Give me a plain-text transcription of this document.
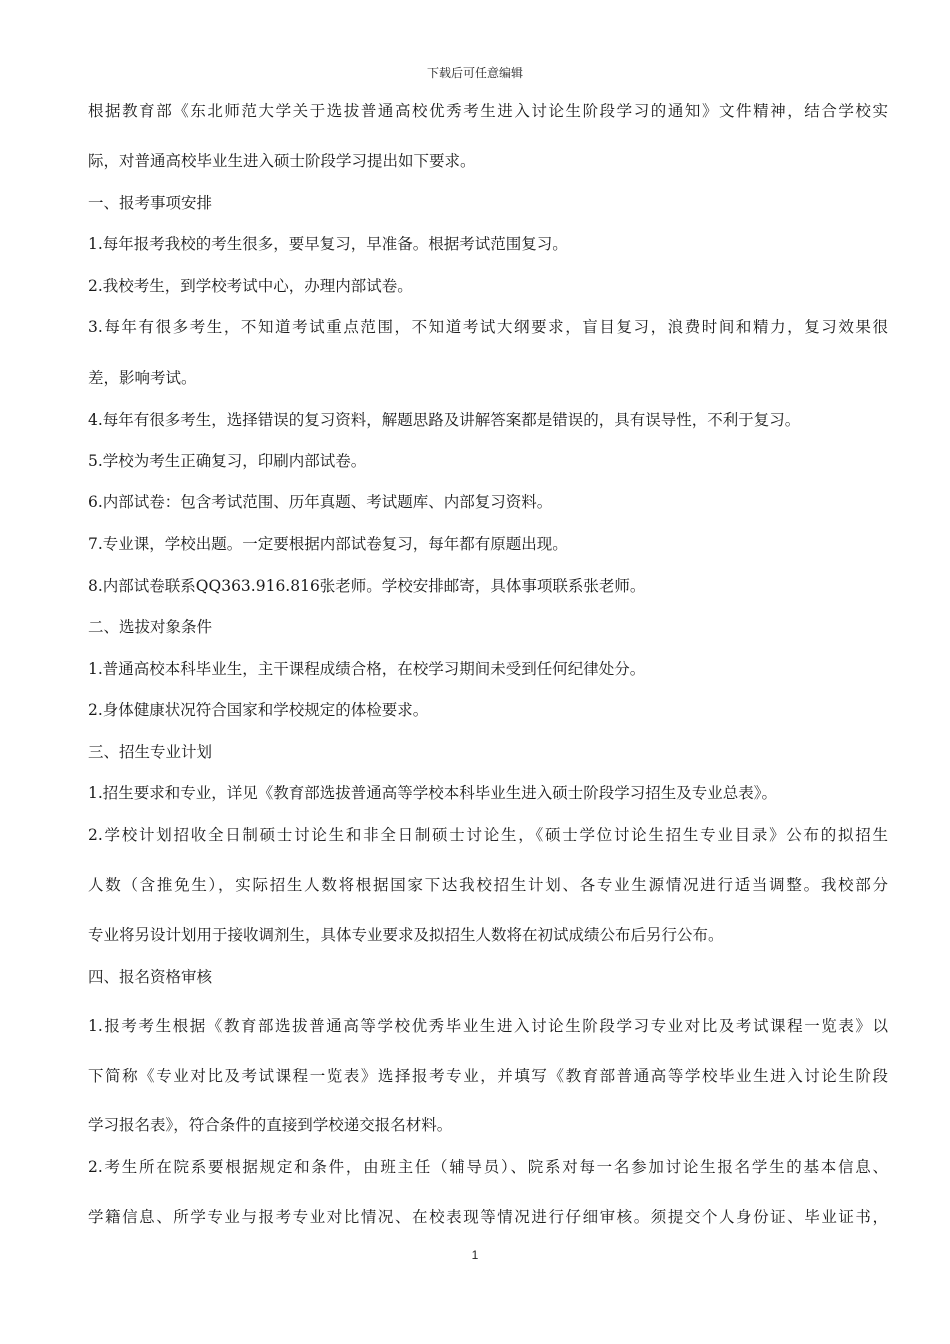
下载后可任意编辑
根据教育部《东北师范大学关于选拔普通高校优秀考生进入讨论生阶段学习的通知》文件精神，结合学校实
际，对普通高校毕业生进入硕士阶段学习提出如下要求。
一、报考事项安排
1.每年报考我校的考生很多，要早复习，早准备。根据考试范围复习。
2.我校考生，到学校考试中心，办理内部试卷。
3.每年有很多考生，不知道考试重点范围，不知道考试大纲要求，盲目复习，浪费时间和精力，复习效果很
差，影响考试。
4.每年有很多考生，选择错误的复习资料，解题思路及讲解答案都是错误的，具有误导性，不利于复习。
5.学校为考生正确复习，印刷内部试卷。
6.内部试卷：包含考试范围、历年真题、考试题库、内部复习资料。
7.专业课，学校出题。一定要根据内部试卷复习，每年都有原题出现。
8.内部试卷联系QQ363.916.816张老师。学校安排邮寄，具体事项联系张老师。
二、选拔对象条件
1.普通高校本科毕业生，主干课程成绩合格，在校学习期间未受到任何纪律处分。
2.身体健康状况符合国家和学校规定的体检要求。
三、招生专业计划
1.招生要求和专业，详见《教育部选拔普通高等学校本科毕业生进入硕士阶段学习招生及专业总表》。
2.学校计划招收全日制硕士讨论生和非全日制硕士讨论生，《硕士学位讨论生招生专业目录》公布的拟招生
人数（含推免生），实际招生人数将根据国家下达我校招生计划、各专业生源情况进行适当调整。我校部分
专业将另设计划用于接收调剂生，具体专业要求及拟招生人数将在初试成绩公布后另行公布。
四、报名资格审核
1.报考考生根据《教育部选拔普通高等学校优秀毕业生进入讨论生阶段学习专业对比及考试课程一览表》以
下简称《专业对比及考试课程一览表》选择报考专业，并填写《教育部普通高等学校毕业生进入讨论生阶段
学习报名表》，符合条件的直接到学校递交报名材料。
2.考生所在院系要根据规定和条件，由班主任（辅导员）、院系对每一名参加讨论生报名学生的基本信息、
学籍信息、所学专业与报考专业对比情况、在校表现等情况进行仔细审核。须提交个人身份证、毕业证书，
1
